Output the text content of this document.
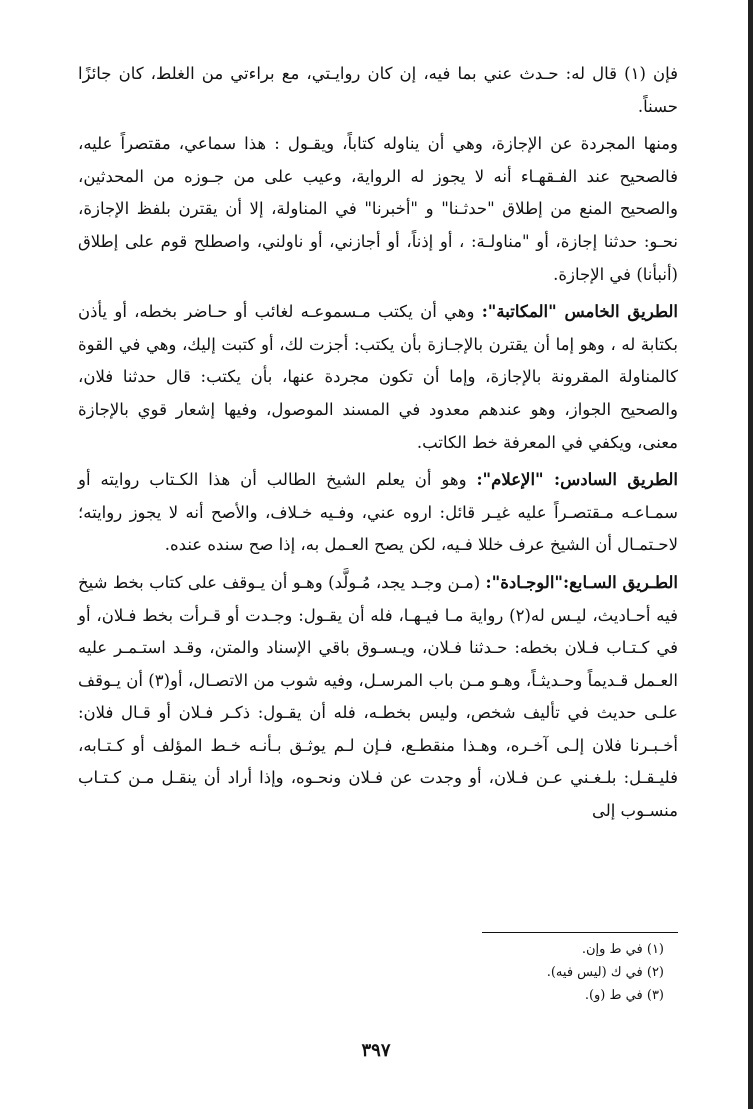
فإن (١) قال له: حـدث عني بما فيه، إن كان روايـتي، مع براءتي من الغلط، كان جائزًا حسناً.

ومنها المجردة عن الإجازة، وهي أن يناوله كتاباً، ويقـول : هذا سماعي، مقتصراً عليه، فالصحيح عند الفـقهـاء أنه لا يجوز له الرواية، وعيب على من جـوزه من المحدثين، والصحيح المنع من إطلاق "حدثـنا" و "أخبرنا" في المناولة، إلا أن يقترن بلفظ الإجازة، نحـو: حدثنا إجازة، أو "مناولـة: ، أو إذناً، أو أجازني، أو ناولني، واصطلح قوم على إطلاق (أنبأنا) في الإجازة.

الطريق الخامس "المكاتبة": وهي أن يكتب مـسموعـه لغائب أو حـاضر بخطه، أو يأذن بكتابة له ، وهو إما أن يقترن بالإجـازة بأن يكتب: أجزت لك، أو كتبت إليك، وهي في القوة كالمناولة المقرونة بالإجازة، وإما أن تكون مجردة عنها، بأن يكتب: قال حدثنا فلان، والصحيح الجواز، وهو عندهم معدود في المسند الموصول، وفيها إشعار قوي بالإجازة معنى، ويكفي في المعرفة خط الكاتب.

الطريق السادس: "الإعلام": وهو أن يعلم الشيخ الطالب أن هذا الكـتاب روايته أو سمـاعـه مـقتصـراً عليه غيـر قائل: اروه عني، وفـيه خـلاف، والأصح أنه لا يجوز روايته؛ لاحـتمـال أن الشيخ عرف خللا فـيه، لكن يصح العـمل به، إذا صح سنده عنده.

الطـريق السـابع:"الوجـادة": (مـن وجـد يجد، مُـولَّد) وهـو أن يـوقف على كتاب بخط شيخ فيه أحـاديث، ليـس له(٢) رواية مـا فيـهـا، فله أن يقـول: وجـدت أو قـرأت بخط فـلان، أو في كـتـاب فـلان بخطه: حـدثنا فـلان، ويـسـوق باقي الإسناد والمتن، وقـد استـمـر عليه العـمل قـديماً وحـديثـاً، وهـو مـن باب المرسـل، وفيه شوب من الاتصـال، أو(٣) أن يـوقف علـى حديث في تأليف شخص، وليس بخطـه، فله أن يقـول: ذكـر فـلان أو قـال فلان: أخـبـرنا فلان إلـى آخـره، وهـذا منقطـع، فـإن لـم يوثـق بـأنـه خـط المؤلف أو كـتـابه، فليـقـل: بلـغـني عـن فـلان، أو وجدت عن فـلان ونحـوه، وإذا أراد أن ينقـل مـن كـتـاب منسـوب إلى

(١) في ط وإن.

(٢) في ك (ليس فيه).

(٣) في ط (و).

٣٩٧
